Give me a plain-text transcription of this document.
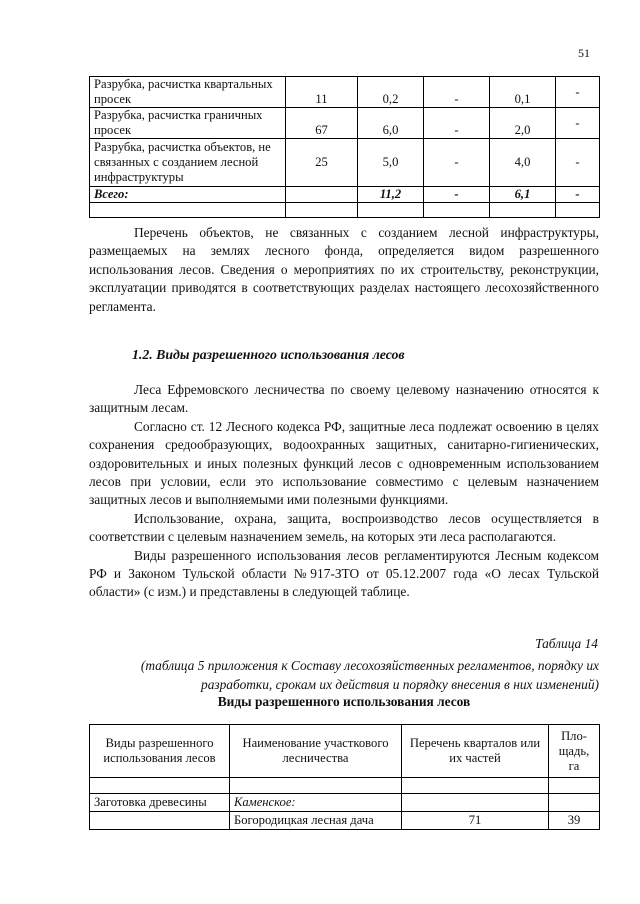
51
Разрубка, расчистка квартальных просек	11	0,2	-	0,1	-
Разрубка, расчистка граничных просек	67	6,0	-	2,0	-
Разрубка, расчистка объектов, не связанных с созданием лесной инфраструктуры	25	5,0	-	4,0	-
Всего:		11,2	-	6,1	-

Перечень объектов, не связанных с созданием лесной инфраструктуры, размещаемых на землях лесного фонда, определяется видом разрешенного использования лесов. Сведения о мероприятиях по их строительству, реконструкции, эксплуатации приводятся в соответствующих разделах настоящего лесохозяйственного регламента.

1.2. Виды разрешенного использования лесов

Леса Ефремовского лесничества по своему целевому назначению относятся к защитным лесам.

Согласно ст. 12 Лесного кодекса РФ, защитные леса подлежат освоению в целях сохранения средообразующих, водоохранных защитных, санитарно-гигиенических, оздоровительных и иных полезных функций лесов с одновременным использованием лесов при условии, если это использование совместимо с целевым назначением защитных лесов и выполняемыми ими полезными функциями.

Использование, охрана, защита, воспроизводство лесов осуществляется в соответствии с целевым назначением земель, на которых эти леса располагаются.

Виды разрешенного использования лесов регламентируются Лесным кодексом РФ и Законом Тульской области №917-ЗТО от 05.12.2007 года «О лесах Тульской области» (с изм.) и представлены в следующей таблице.

Таблица 14
(таблица 5 приложения к Составу лесохозяйственных регламентов, порядку их разработки, срокам их действия и порядку внесения в них изменений)
Виды разрешенного использования лесов
Виды разрешенного использования лесов	Наименование участкового лесничества	Перечень кварталов или их частей	Пло-щадь, га

Заготовка древесины	Каменское:		
	Богородицкая лесная дача	71	39
